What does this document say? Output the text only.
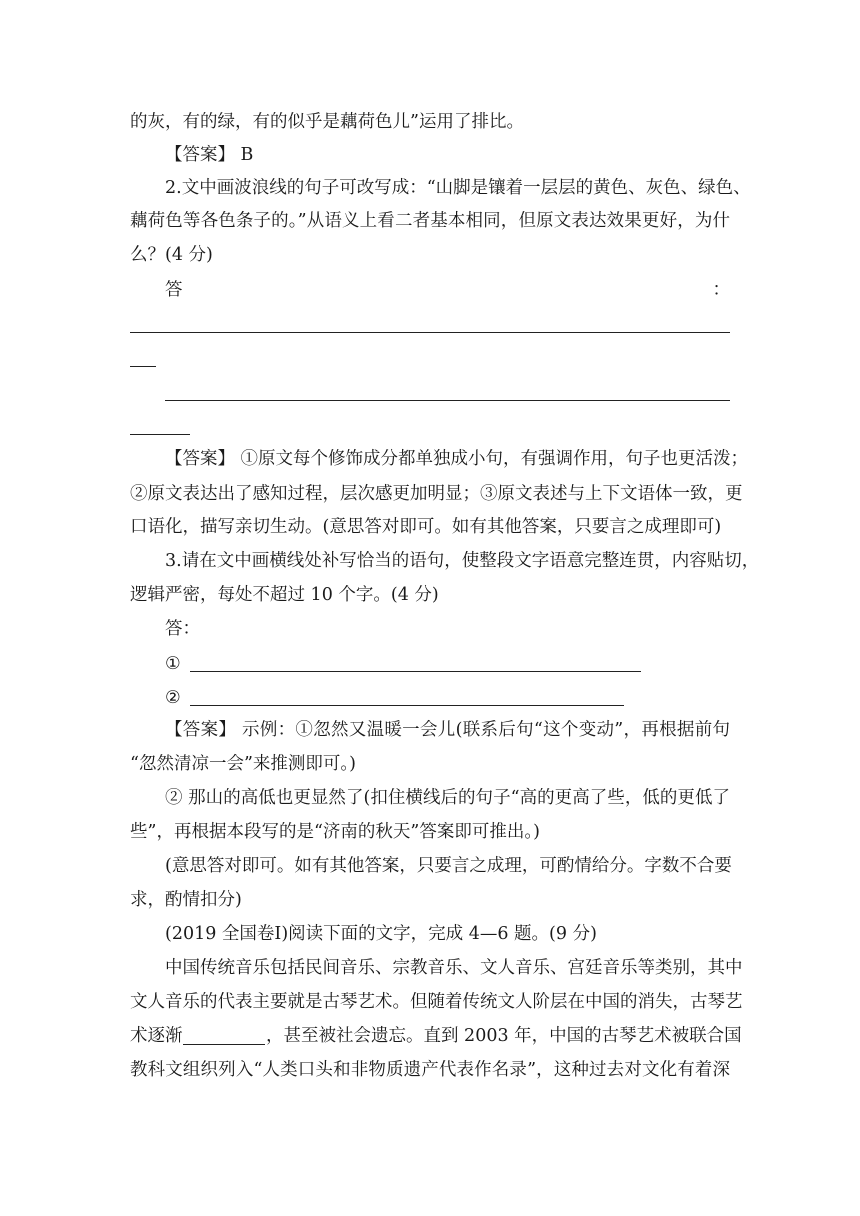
的灰，有的绿，有的似乎是藕荷色儿”运用了排比。
【答案】 B
2.文中画波浪线的句子可改写成：“山脚是镶着一层层的黄色、灰色、绿色、
藕荷色等各色条子的。”从语义上看二者基本相同，但原文表达效果更好，为什
么？(4 分)
答	：
【答案】 ①原文每个修饰成分都单独成小句，有强调作用，句子也更活泼；
②原文表达出了感知过程，层次感更加明显；③原文表述与上下文语体一致，更
口语化，描写亲切生动。(意思答对即可。如有其他答案，只要言之成理即可)
3.请在文中画横线处补写恰当的语句，使整段文字语意完整连贯，内容贴切，
逻辑严密，每处不超过 10 个字。(4 分)
答：
①
②
【答案】 示例：①忽然又温暖一会儿(联系后句“这个变动”，再根据前句
“忽然清凉一会”来推测即可。)
② 那山的高低也更显然了(扣住横线后的句子“高的更高了些，低的更低了
些”，再根据本段写的是“济南的秋天”答案即可推出。)
(意思答对即可。如有其他答案，只要言之成理，可酌情给分。字数不合要
求，酌情扣分)
(2019 全国卷Ⅰ)阅读下面的文字，完成 4—6 题。(9 分)
中国传统音乐包括民间音乐、宗教音乐、文人音乐、宫廷音乐等类别，其中
文人音乐的代表主要就是古琴艺术。但随着传统文人阶层在中国的消失，古琴艺
术逐渐	，甚至被社会遗忘。直到 2003 年，中国的古琴艺术被联合国
教科文组织列入“人类口头和非物质遗产代表作名录”，这种过去对文化有着深
